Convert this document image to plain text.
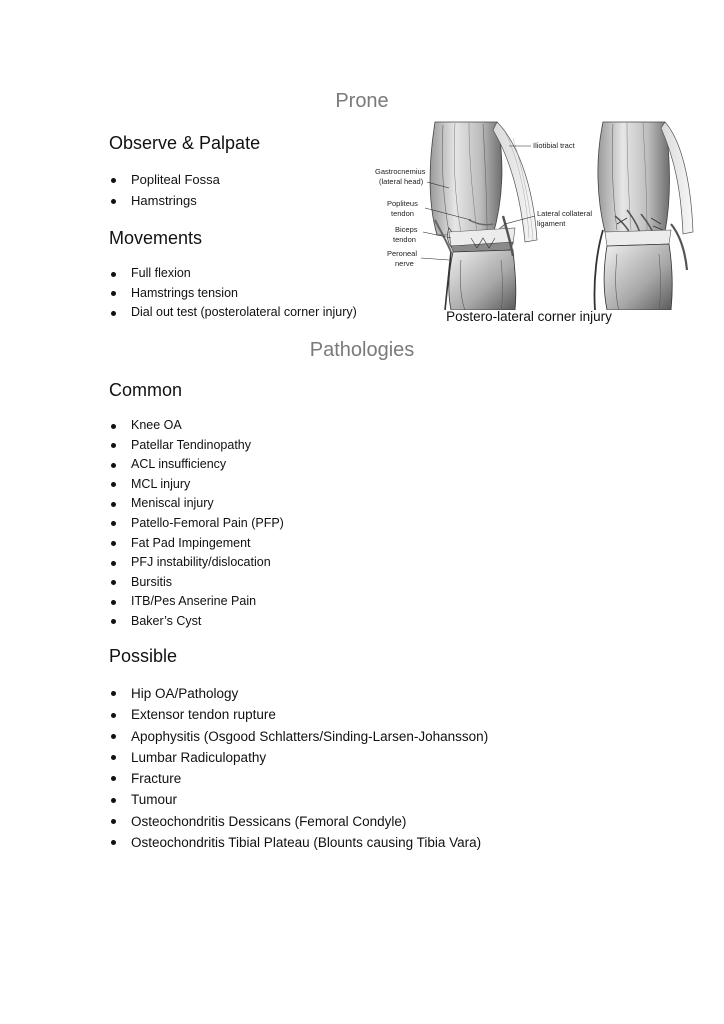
Prone
Observe & Palpate
Popliteal Fossa
Hamstrings
Movements
Full flexion
Hamstrings tension
Dial out test (posterolateral corner injury)
Iliotibial tract
Gastrocnemius
(lateral head)
Popliteus
tendon	Lateral collateral
ligament
Biceps
tendon
Peroneal
nerve
Postero-lateral corner injury
Pathologies
Common
Knee OA
Patellar Tendinopathy
ACL insufficiency
MCL injury
Meniscal injury
Patello-Femoral Pain (PFP)
Fat Pad Impingement
PFJ instability/dislocation
Bursitis
ITB/Pes Anserine Pain
Baker’s Cyst
Possible
Hip OA/Pathology
Extensor tendon rupture
Apophysitis (Osgood Schlatters/Sinding-Larsen-Johansson)
Lumbar Radiculopathy
Fracture
Tumour
Osteochondritis Dessicans (Femoral Condyle)
Osteochondritis Tibial Plateau (Blounts causing Tibia Vara)
